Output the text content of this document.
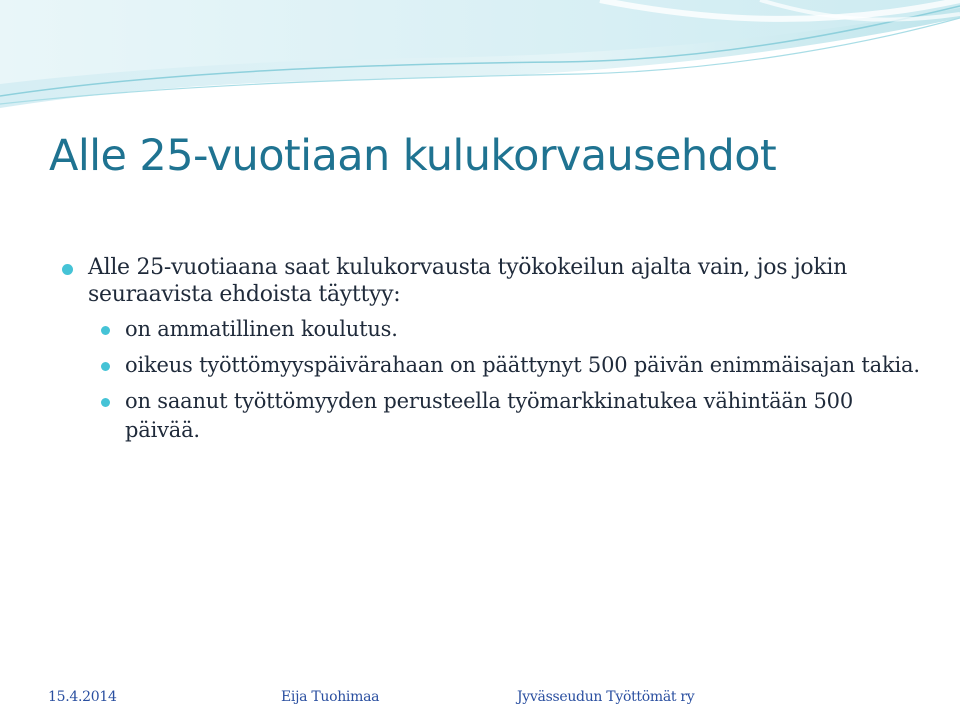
Alle 25-vuotiaan kulukorvausehdot
Alle 25-vuotiaana saat kulukorvausta työkokeilun ajalta vain, jos jokin seuraavista ehdoista täyttyy:
on ammatillinen koulutus.
oikeus työttömyyspäivärahaan on päättynyt 500 päivän enimmäisajan takia.
on saanut työttömyyden perusteella työmarkkinatukea vähintään 500 päivää.
15.4.2014	Eija Tuohimaa	Jyvässeudun Työttömät ry
